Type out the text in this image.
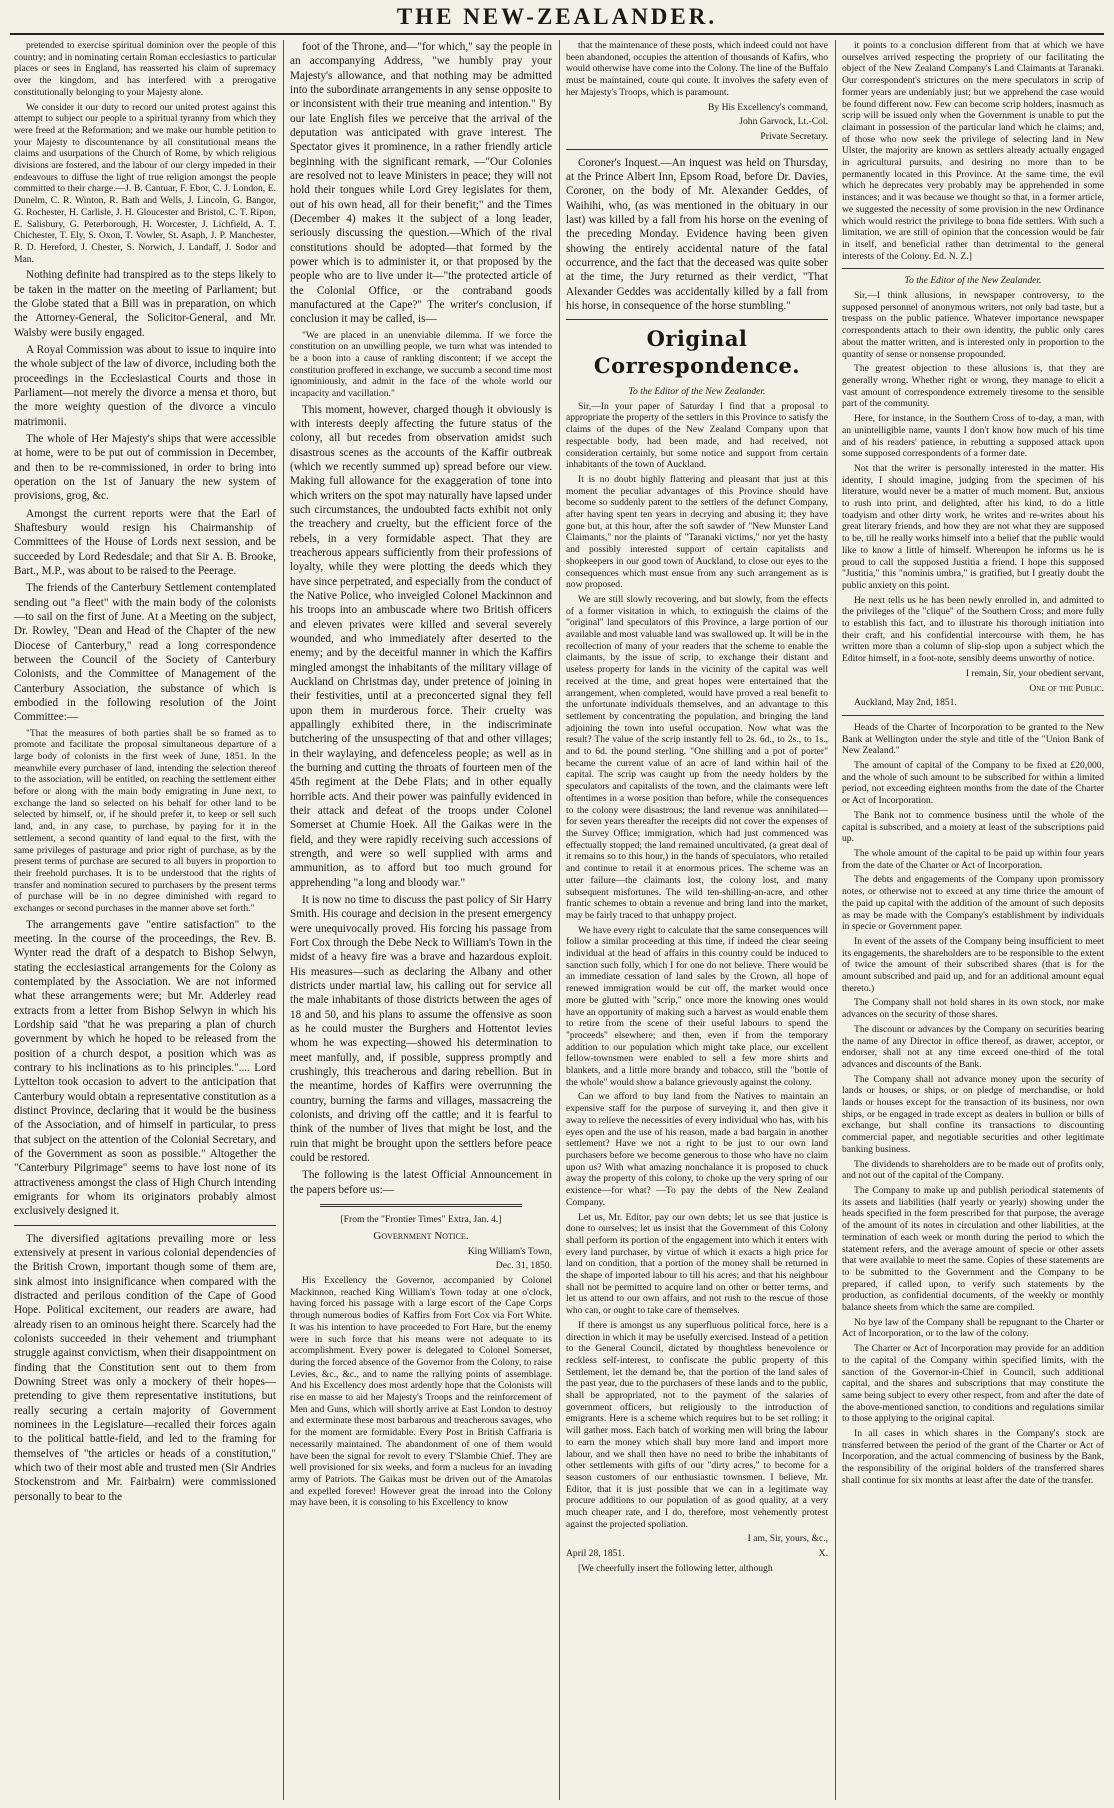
THE NEW-ZEALANDER.

pretended to exercise spiritual dominion over the people of this country; and in nominating certain Roman ecclesiastics to particular places or sees in England, has reasserted his claim of supremacy over the kingdom, and has interfered with a prerogative constitutionally belonging to your Majesty alone.

We consider it our duty to record our united protest against this attempt to subject our people to a spiritual tyranny from which they were freed at the Reformation; and we make our humble petition to your Majesty to discountenance by all constitutional means the claims and usurpations of the Church of Rome, by which religious divisions are fostered, and the labour of our clergy impeded in their endeavours to diffuse the light of true religion amongst the people committed to their charge.—J. B. Cantuar, F. Ebor, C. J. London, E. Dunelm, C. R. Winton, R. Bath and Wells, J. Lincoln, G. Bangor, G. Rochester, H. Carlisle, J. H. Gloucester and Bristol, C. T. Ripon, E. Salisbury, G. Peterborough, H. Worcester, J. Lichfield, A. T. Chichester, T. Ely, S. Oxon, T. Vowler, St. Asaph, J. P. Manchester, R. D. Hereford, J. Chester, S. Norwich, J. Landaff, J. Sodor and Man.

Nothing definite had transpired as to the steps likely to be taken in the matter on the meeting of Parliament; but the Globe stated that a Bill was in preparation, on which the Attorney-General, the Solicitor-General, and Mr. Walsby were busily engaged.

A Royal Commission was about to issue to inquire into the whole subject of the law of divorce, including both the proceedings in the Ecclesiastical Courts and those in Parliament—not merely the divorce a mensa et thoro, but the more weighty question of the divorce a vinculo matrimonii.

The whole of Her Majesty's ships that were accessible at home, were to be put out of commission in December, and then to be re-commissioned, in order to bring into operation on the 1st of January the new system of provisions, grog, &c.

Amongst the current reports were that the Earl of Shaftesbury would resign his Chairmanship of Committees of the House of Lords next session, and be succeeded by Lord Redesdale; and that Sir A. B. Brooke, Bart., M.P., was about to be raised to the Peerage.

The friends of the Canterbury Settlement contemplated sending out "a fleet" with the main body of the colonists—to sail on the first of June. At a Meeting on the subject, Dr. Rowley, "Dean and Head of the Chapter of the new Diocese of Canterbury," read a long correspondence between the Council of the Society of Canterbury Colonists, and the Committee of Management of the Canterbury Association, the substance of which is embodied in the following resolution of the Joint Committee:—

"That the measures of both parties shall be so framed as to promote and facilitate the proposal simultaneous departure of a large body of colonists in the first week of June, 1851. In the meanwhile every purchaser of land, intending the selection thereof to the association, will be entitled, on reaching the settlement either before or along with the main body emigrating in June next, to exchange the land so selected on his behalf for other land to be selected by himself, or, if he should prefer it, to keep or sell such land, and, in any case, to purchase, by paying for it in the settlement, a second quantity of land equal to the first, with the same privileges of pasturage and prior right of purchase, as by the present terms of purchase are secured to all buyers in proportion to their freehold purchases. It is to be understood that the rights of transfer and nomination secured to purchasers by the present terms of purchase will be in no degree diminished with regard to exchanges or second purchases in the manner above set forth."

The arrangements gave "entire satisfaction" to the meeting. In the course of the proceedings, the Rev. B. Wynter read the draft of a despatch to Bishop Selwyn, stating the ecclesiastical arrangements for the Colony as contemplated by the Association. We are not informed what these arrangements were; but Mr. Adderley read extracts from a letter from Bishop Selwyn in which his Lordship said "that he was preparing a plan of church government by which he hoped to be released from the position of a church despot, a position which was as contrary to his inclinations as to his principles.".... Lord Lyttelton took occasion to advert to the anticipation that Canterbury would obtain a representative constitution as a distinct Province, declaring that it would be the business of the Association, and of himself in particular, to press that subject on the attention of the Colonial Secretary, and of the Government as soon as possible." Altogether the "Canterbury Pilgrimage" seems to have lost none of its attractiveness amongst the class of High Church intending emigrants for whom its originators probably almost exclusively designed it.

The diversified agitations prevailing more or less extensively at present in various colonial dependencies of the British Crown, important though some of them are, sink almost into insignificance when compared with the distracted and perilous condition of the Cape of Good Hope. Political excitement, our readers are aware, had already risen to an ominous height there. Scarcely had the colonists succeeded in their vehement and triumphant struggle against convictism, when their disappointment on finding that the Constitution sent out to them from Downing Street was only a mockery of their hopes—pretending to give them representative institutions, but really securing a certain majority of Government nominees in the Legislature—recalled their forces again to the political battle-field, and led to the framing for themselves of "the articles or heads of a constitution," which two of their most able and trusted men (Sir Andries Stockenstrom and Mr. Fairbairn) were commissioned personally to bear to the

foot of the Throne, and—"for which," say the people in an accompanying Address, "we humbly pray your Majesty's allowance, and that nothing may be admitted into the subordinate arrangements in any sense opposite to or inconsistent with their true meaning and intention." By our late English files we perceive that the arrival of the deputation was anticipated with grave interest. The Spectator gives it prominence, in a rather friendly article beginning with the significant remark, —"Our Colonies are resolved not to leave Ministers in peace; they will not hold their tongues while Lord Grey legislates for them, out of his own head, all for their benefit;" and the Times (December 4) makes it the subject of a long leader, seriously discussing the question.—Which of the rival constitutions should be adopted—that formed by the power which is to administer it, or that proposed by the people who are to live under it—"the protected article of the Colonial Office, or the contraband goods manufactured at the Cape?" The writer's conclusion, if conclusion it may be called, is—

"We are placed in an unenviable dilemma. If we force the constitution on an unwilling people, we turn what was intended to be a boon into a cause of rankling discontent; if we accept the constitution proffered in exchange, we succumb a second time most ignominiously, and admit in the face of the whole world our incapacity and vacillation."

This moment, however, charged though it obviously is with interests deeply affecting the future status of the colony, all but recedes from observation amidst such disastrous scenes as the accounts of the Kaffir outbreak (which we recently summed up) spread before our view. Making full allowance for the exaggeration of tone into which writers on the spot may naturally have lapsed under such circumstances, the undoubted facts exhibit not only the treachery and cruelty, but the efficient force of the rebels, in a very formidable aspect. That they are treacherous appears sufficiently from their professions of loyalty, while they were plotting the deeds which they have since perpetrated, and especially from the conduct of the Native Police, who inveigled Colonel Mackinnon and his troops into an ambuscade where two British officers and eleven privates were killed and several severely wounded, and who immediately after deserted to the enemy; and by the deceitful manner in which the Kaffirs mingled amongst the inhabitants of the military village of Auckland on Christmas day, under pretence of joining in their festivities, until at a preconcerted signal they fell upon them in murderous force. Their cruelty was appallingly exhibited there, in the indiscriminate butchering of the unsuspecting of that and other villages; in their waylaying, and defenceless people; as well as in the burning and cutting the throats of fourteen men of the 45th regiment at the Debe Flats; and in other equally horrible acts. And their power was painfully evidenced in their attack and defeat of the troops under Colonel Somerset at Chumie Hoek. All the Gaikas were in the field, and they were rapidly receiving such accessions of strength, and were so well supplied with arms and ammunition, as to afford but too much ground for apprehending "a long and bloody war."

It is now no time to discuss the past policy of Sir Harry Smith. His courage and decision in the present emergency were unequivocally proved. His forcing his passage from Fort Cox through the Debe Neck to William's Town in the midst of a heavy fire was a brave and hazardous exploit. His measures—such as declaring the Albany and other districts under martial law, his calling out for service all the male inhabitants of those districts between the ages of 18 and 50, and his plans to assume the offensive as soon as he could muster the Burghers and Hottentot levies whom he was expecting—showed his determination to meet manfully, and, if possible, suppress promptly and crushingly, this treacherous and daring rebellion. But in the meantime, hordes of Kaffirs were overrunning the country, burning the farms and villages, massacreing the colonists, and driving off the cattle; and it is fearful to think of the number of lives that might be lost, and the ruin that might be brought upon the settlers before peace could be restored.

The following is the latest Official Announcement in the papers before us:—

[From the "Frontier Times" Extra, Jan. 4.]

Government Notice.

King William's Town,

Dec. 31, 1850.

His Excellency the Governor, accompanied by Colonel Mackinnon, reached King William's Town today at one o'clock, having forced his passage with a large escort of the Cape Corps through numerous bodies of Kaffirs from Fort Cox via Fort White. It was his intention to have proceeded to Fort Hare, but the enemy were in such force that his means were not adequate to its accomplishment. Every power is delegated to Colonel Somerset, during the forced absence of the Governor from the Colony, to raise Levies, &c., &c., and to name the rallying points of assemblage. And his Excellency does most ardently hope that the Colonists will rise en masse to aid her Majesty's Troops and the reinforcement of Men and Guns, which will shortly arrive at East London to destroy and exterminate these most barbarous and treacherous savages, who for the moment are formidable. Every Post in British Caffraria is necessarily maintained. The abandonment of one of them would have been the signal for revolt to every T'Slambie Chief. They are well provisioned for six weeks, and form a nucleus for an invading army of Patriots. The Gaikas must be driven out of the Amatolas and expelled forever! However great the inroad into the Colony may have been, it is consoling to his Excellency to know

that the maintenance of these posts, which indeed could not have been abandoned, occupies the attention of thousands of Kafirs, who would otherwise have come into the Colony. The line of the Buffalo must be maintained, coute qui coute. It involves the safety even of her Majesty's Troops, which is paramount.

By His Excellency's command,

John Garvock, Lt.-Col.

Private Secretary.

Coroner's Inquest.—An inquest was held on Thursday, at the Prince Albert Inn, Epsom Road, before Dr. Davies, Coroner, on the body of Mr. Alexander Geddes, of Waihihi, who, (as was mentioned in the obituary in our last) was killed by a fall from his horse on the evening of the preceding Monday. Evidence having been given showing the entirely accidental nature of the fatal occurrence, and the fact that the deceased was quite sober at the time, the Jury returned as their verdict, "That Alexander Geddes was accidentally killed by a fall from his horse, in consequence of the horse stumbling."

Original Correspondence.

To the Editor of the New Zealander.

Sir,—In your paper of Saturday I find that a proposal to appropriate the property of the settlers in this Province to satisfy the claims of the dupes of the New Zealand Company upon that respectable body, had been made, and had received, not consideration certainly, but some notice and support from certain inhabitants of the town of Auckland.

It is no doubt highly flattering and pleasant that just at this moment the peculiar advantages of this Province should have become so suddenly patent to the settlers of the defunct Company, after having spent ten years in decrying and abusing it; they have gone but, at this hour, after the soft sawder of "New Munster Land Claimants," nor the plaints of "Taranaki victims," nor yet the hasty and possibly interested support of certain capitalists and shopkeepers in our good town of Auckland, to close our eyes to the consequences which must ensue from any such arrangement as is now proposed.

We are still slowly recovering, and but slowly, from the effects of a former visitation in which, to extinguish the claims of the "original" land speculators of this Province, a large portion of our available and most valuable land was swallowed up. It will be in the recollection of many of your readers that the scheme to enable the claimants, by the issue of scrip, to exchange their distant and useless property for lands in the vicinity of the capital was well received at the time, and great hopes were entertained that the arrangement, when completed, would have proved a real benefit to the unfortunate individuals themselves, and an advantage to this settlement by concentrating the population, and bringing the land adjoining the town into useful occupation. Now what was the result? The value of the scrip instantly fell to 2s. 6d., to 2s., to 1s., and to 6d. the pound sterling. "One shilling and a pot of porter" became the current value of an acre of land within hail of the capital. The scrip was caught up from the needy holders by the speculators and capitalists of the town, and the claimants were left oftentimes in a worse position than before, while the consequences to the colony were disastrous; the land revenue was annihilated—for seven years thereafter the receipts did not cover the expenses of the Survey Office; immigration, which had just commenced was effectually stopped; the land remained uncultivated, (a great deal of it remains so to this hour,) in the hands of speculators, who retailed and continue to retail it at enormous prices. The scheme was an utter failure—the claimants lost, the colony lost, and many subsequent misfortunes. The wild ten-shilling-an-acre, and other frantic schemes to obtain a revenue and bring land into the market, may be fairly traced to that unhappy project.

We have every right to calculate that the same consequences will follow a similar proceeding at this time, if indeed the clear seeing individual at the head of affairs in this country could be induced to sanction such folly, which I for one do not believe. There would be an immediate cessation of land sales by the Crown, all hope of renewed immigration would be cut off, the market would once more be glutted with "scrip," once more the knowing ones would have an opportunity of making such a harvest as would enable them to retire from the scene of their useful labours to spend the "proceeds" elsewhere; and then, even if from the temporary addition to our population which might take place, our excellent fellow-townsmen were enabled to sell a few more shirts and blankets, and a little more brandy and tobacco, still the "bottle of the whole" would show a balance grievously against the colony.

Can we afford to buy land from the Natives to maintain an expensive staff for the purpose of surveying it, and then give it away to relieve the necessities of every individual who has, with his eyes open and the use of his reason, made a bad bargain in another settlement? Have we not a right to be just to our own land purchasers before we become generous to those who have no claim upon us? With what amazing nonchalance it is proposed to chuck away the property of this colony, to choke up the very spring of our existence—for what? —To pay the debts of the New Zealand Company.

Let us, Mr. Editor, pay our own debts; let us see that justice is done to ourselves; let us insist that the Government of this Colony shall perform its portion of the engagement into which it enters with every land purchaser, by virtue of which it exacts a high price for land on condition, that a portion of the money shall be returned in the shape of imported labour to till his acres; and that his neighbour shall not be permitted to acquire land on other or better terms, and let us attend to our own affairs, and not rush to the rescue of those who can, or ought to take care of themselves.

If there is amongst us any superfluous political force, here is a direction in which it may be usefully exercised. Instead of a petition to the General Council, dictated by thoughtless benevolence or reckless self-interest, to confiscate the public property of this Settlement, let the demand be, that the portion of the land sales of the past year, due to the purchasers of these lands and to the public, shall be appropriated, not to the payment of the salaries of government officers, but religiously to the introduction of emigrants. Here is a scheme which requires but to be set rolling; it will gather moss. Each batch of working men will bring the labour to earn the money which shall buy more land and import more labour, and we shall then have no need to bribe the inhabitants of other settlements with gifts of our "dirty acres," to become for a season customers of our enthusiastic townsmen. I believe, Mr. Editor, that it is just possible that we can in a legitimate way procure additions to our population of as good quality, at a very much cheaper rate, and I do, therefore, most vehemently protest against the projected spoliation.

I am, Sir, yours, &c.,

April 28, 1851.	X.

[We cheerfully insert the following letter, although

it points to a conclusion different from that at which we have ourselves arrived respecting the propriety of our facilitating the object of the New Zealand Company's Land Claimants at Taranaki. Our correspondent's strictures on the mere speculators in scrip of former years are undeniably just; but we apprehend the case would be found different now. Few can become scrip holders, inasmuch as scrip will be issued only when the Government is unable to put the claimant in possession of the particular land which he claims; and, of those who now seek the privilege of selecting land in New Ulster, the majority are known as settlers already actually engaged in agricultural pursuits, and desiring no more than to be permanently located in this Province. At the same time, the evil which he deprecates very probably may be apprehended in some instances; and it was because we thought so that, in a former article, we suggested the necessity of some provision in the new Ordinance which would restrict the privilege to bona fide settlers. With such a limitation, we are still of opinion that the concession would be fair in itself, and beneficial rather than detrimental to the general interests of the Colony. Ed. N. Z.]

To the Editor of the New Zealander.

Sir,—I think allusions, in newspaper controversy, to the supposed personnel of anonymous writers, not only bad taste, but a trespass on the public patience. Whatever importance newspaper correspondents attach to their own identity, the public only cares about the matter written, and is interested only in proportion to the quantity of sense or nonsense propounded.

The greatest objection to these allusions is, that they are generally wrong. Whether right or wrong, they manage to elicit a vast amount of correspondence extremely tiresome to the sensible part of the community.

Here, for instance, in the Southern Cross of to-day, a man, with an unintelligible name, vaunts I don't know how much of his time and of his readers' patience, in rebutting a supposed attack upon some supposed correspondents of a former date.

Not that the writer is personally interested in the matter. His identity, I should imagine, judging from the specimen of his literature, would never be a matter of much moment. But, anxious to rush into print, and delighted, after his kind, to do a little toadyism and other dirty work, he writes and re-writes about his great literary friends, and how they are not what they are supposed to be, till he really works himself into a belief that the public would like to know a little of himself. Whereupon he informs us he is proud to call the supposed Justitia a friend. I hope this supposed "Justitia," this "nominis umbra," is gratified, but I greatly doubt the public anxiety on this point.

He next tells us he has been newly enrolled in, and admitted to the privileges of the "clique" of the Southern Cross; and more fully to establish this fact, and to illustrate his thorough initiation into their craft, and his confidential intercourse with them, he has written more than a column of slip-slop upon a subject which the Editor himself, in a foot-note, sensibly deems unworthy of notice.

I remain, Sir, your obedient servant,

One of the Public.

Auckland, May 2nd, 1851.

Heads of the Charter of Incorporation to be granted to the New Bank at Wellington under the style and title of the "Union Bank of New Zealand."

The amount of capital of the Company to be fixed at £20,000, and the whole of such amount to be subscribed for within a limited period, not exceeding eighteen months from the date of the Charter or Act of Incorporation.

The Bank not to commence business until the whole of the capital is subscribed, and a moiety at least of the subscriptions paid up.

The whole amount of the capital to be paid up within four years from the date of the Charter or Act of Incorporation.

The debts and engagements of the Company upon promissory notes, or otherwise not to exceed at any time thrice the amount of the paid up capital with the addition of the amount of such deposits as may be made with the Company's establishment by individuals in specie or Government paper.

In event of the assets of the Company being insufficient to meet its engagements, the shareholders are to be responsible to the extent of twice the amount of their subscribed shares (that is for the amount subscribed and paid up, and for an additional amount equal thereto.)

The Company shall not hold shares in its own stock, nor make advances on the security of those shares.

The discount or advances by the Company on securities bearing the name of any Director in office thereof, as drawer, acceptor, or endorser, shall not at any time exceed one-third of the total advances and discounts of the Bank.

The Company shall not advance money upon the security of lands or houses, or ships, or on pledge of merchandise, or hold lands or houses except for the transaction of its business, nor own ships, or be engaged in trade except as dealers in bullion or bills of exchange, but shall confine its transactions to discounting commercial paper, and negotiable securities and other legitimate banking business.

The dividends to shareholders are to be made out of profits only, and not out of the capital of the Company.

The Company to make up and publish periodical statements of its assets and liabilities (half yearly or yearly) showing under the heads specified in the form prescribed for that purpose, the average of the amount of its notes in circulation and other liabilities, at the termination of each week or month during the period to which the statement refers, and the average amount of specie or other assets that were available to meet the same. Copies of these statements are to be submitted to the Government and the Company to be prepared, if called upon, to verify such statements by the production, as confidential documents, of the weekly or monthly balance sheets from which the same are compiled.

No bye law of the Company shall be repugnant to the Charter or Act of Incorporation, or to the law of the colony.

The Charter or Act of Incorporation may provide for an addition to the capital of the Company within specified limits, with the sanction of the Governor-in-Chief in Council, such additional capital, and the shares and subscriptions that may constitute the same being subject to every other respect, from and after the date of the above-mentioned sanction, to conditions and regulations similar to those applying to the original capital.

In all cases in which shares in the Company's stock are transferred between the period of the grant of the Charter or Act of Incorporation, and the actual commencing of business by the Bank, the responsibility of the original holders of the transferred shares shall continue for six months at least after the date of the transfer.
